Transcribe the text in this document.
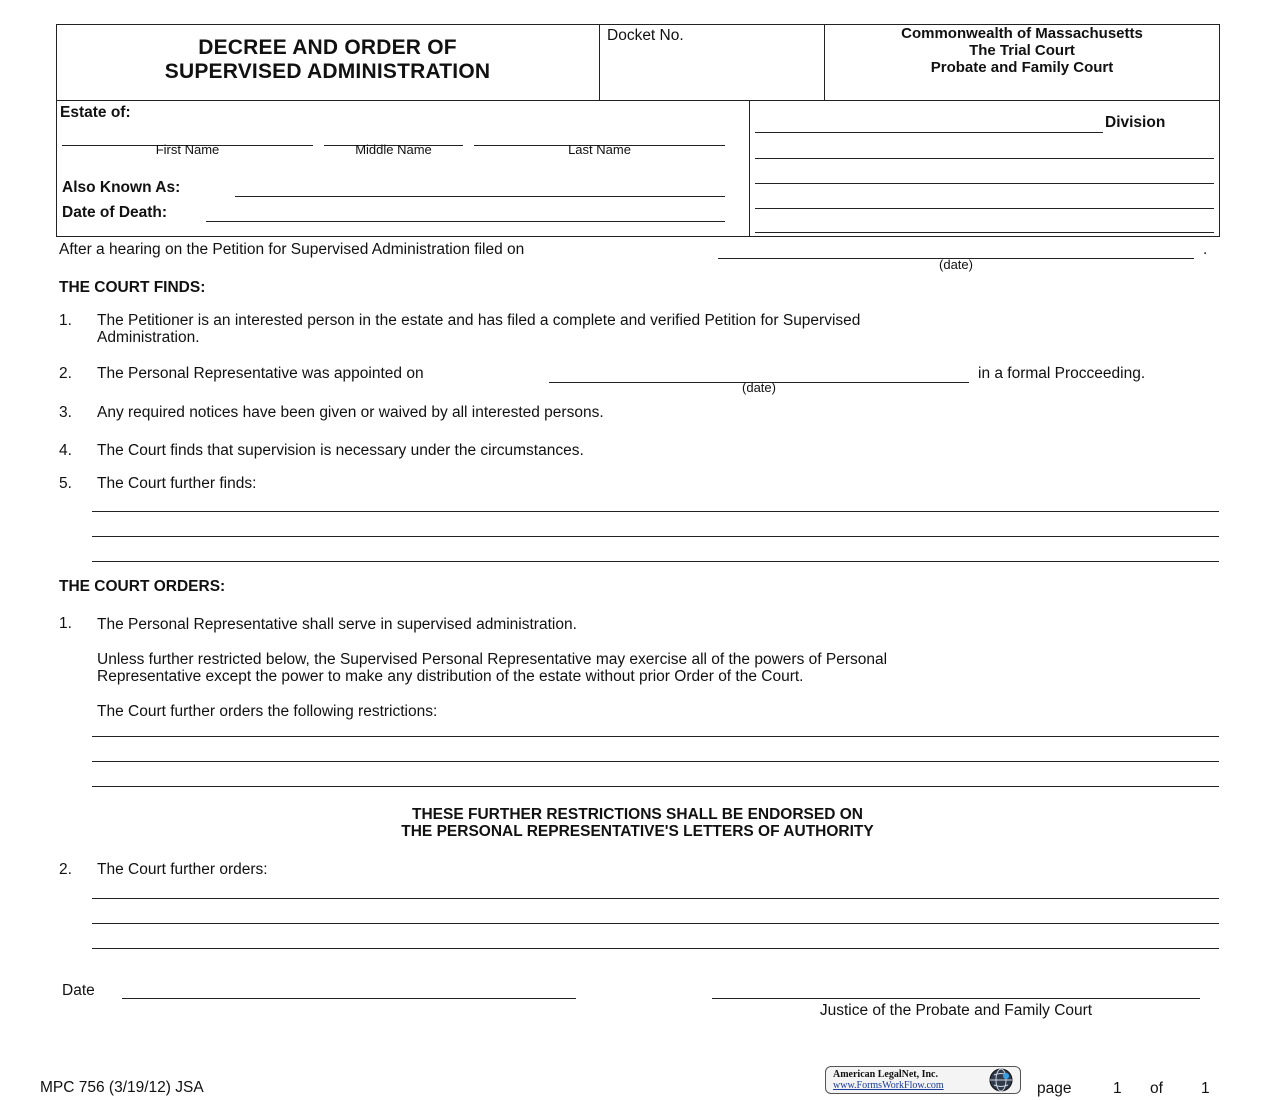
DECREE AND ORDER OF
SUPERVISED ADMINISTRATION
Docket No.	Commonwealth of Massachusetts
The Trial Court
Probate and Family Court
Estate of:
First Name	Middle Name	Last Name
Also Known As:
Date of Death:
Division
After a hearing on the Petition for Supervised Administration filed on	.
(date)
THE COURT FINDS:
1. The Petitioner is an interested person in the estate and has filed a complete and verified Petition for Supervised
Administration.
2. The Personal Representative was appointed on	in a formal Procceeding.
(date)
3. Any required notices have been given or waived by all interested persons.
4. The Court finds that supervision is necessary under the circumstances.
5. The Court further finds:
THE COURT ORDERS:
1. The Personal Representative shall serve in supervised administration.
Unless further restricted below, the Supervised Personal Representative may exercise all of the powers of Personal
Representative except the power to make any distribution of the estate without prior Order of the Court.
The Court further orders the following restrictions:
THESE FURTHER RESTRICTIONS SHALL BE ENDORSED ON
THE PERSONAL REPRESENTATIVE'S LETTERS OF AUTHORITY
2. The Court further orders:
Date
Justice of the Probate and Family Court
MPC 756 (3/19/12) JSA
American LegalNet, Inc.
www.FormsWorkFlow.com	page	1 of 1
